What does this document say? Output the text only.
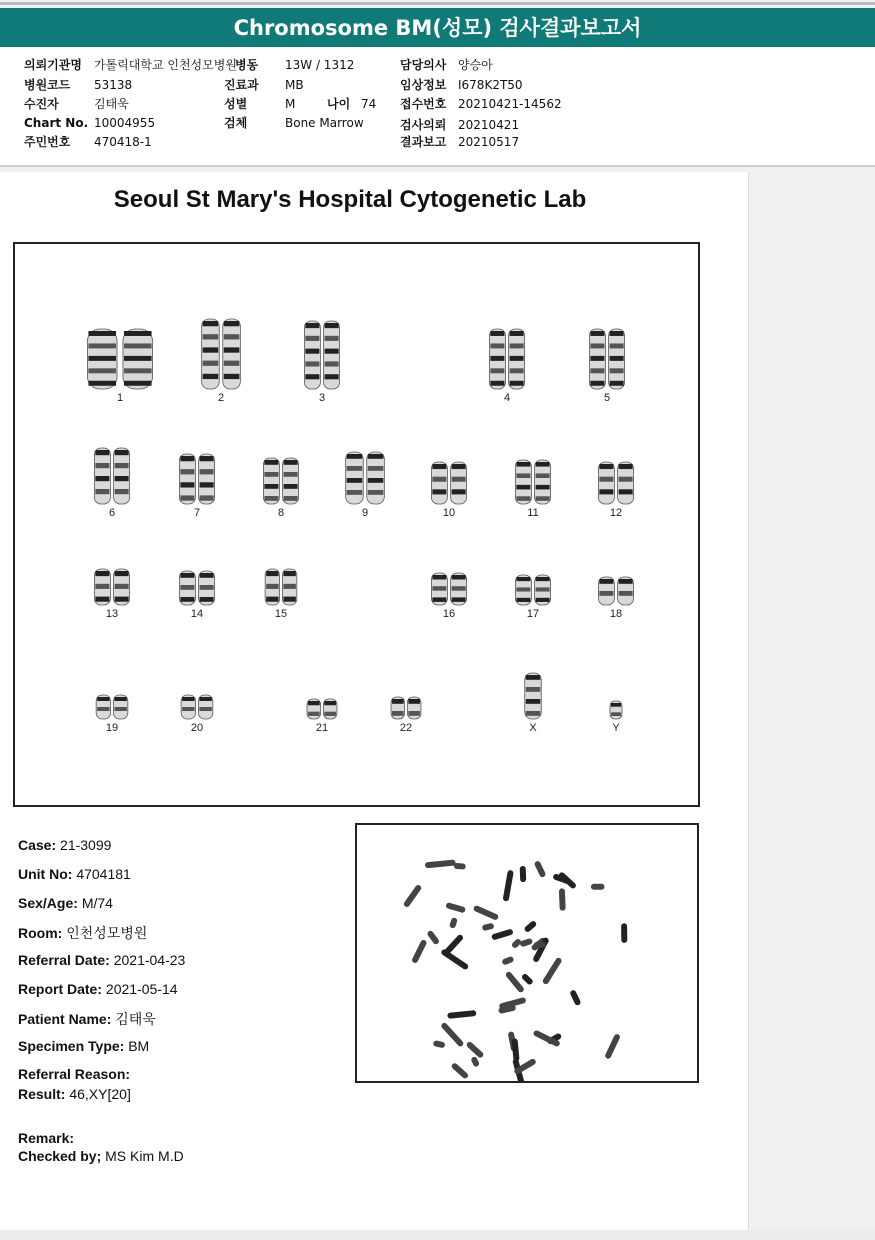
Chromosome BM(성모) 검사결과보고서
의뢰기관명 가톨릭대학교 인천성모병원
병동 13W / 1312	담당의사 양승아
병원코드 53138	진료과 MB	임상정보 I678K2T50
수진자	김태욱	성별	M	나이 74 접수번호 20210421-14562
Chart No. 10004955	검체	Bone Marrow	검사의뢰 20210421
주민번호 470418-1	결과보고 20210517
Seoul St Mary's Hospital Cytogenetic Lab
1	2	3	4	5
6	7	8	9	10	11	12
13	14	15	16	17	18
19	20	21	22	X	Y
Case: 21-3099
Unit No: 4704181
Sex/Age: M/74
Room: 인천성모병원
Referral Date: 2021-04-23
Report Date: 2021-05-14
Patient Name: 김태욱
Specimen Type: BM
Referral Reason:
Result: 46,XY[20]
Remark:
Checked by; MS Kim M.D
